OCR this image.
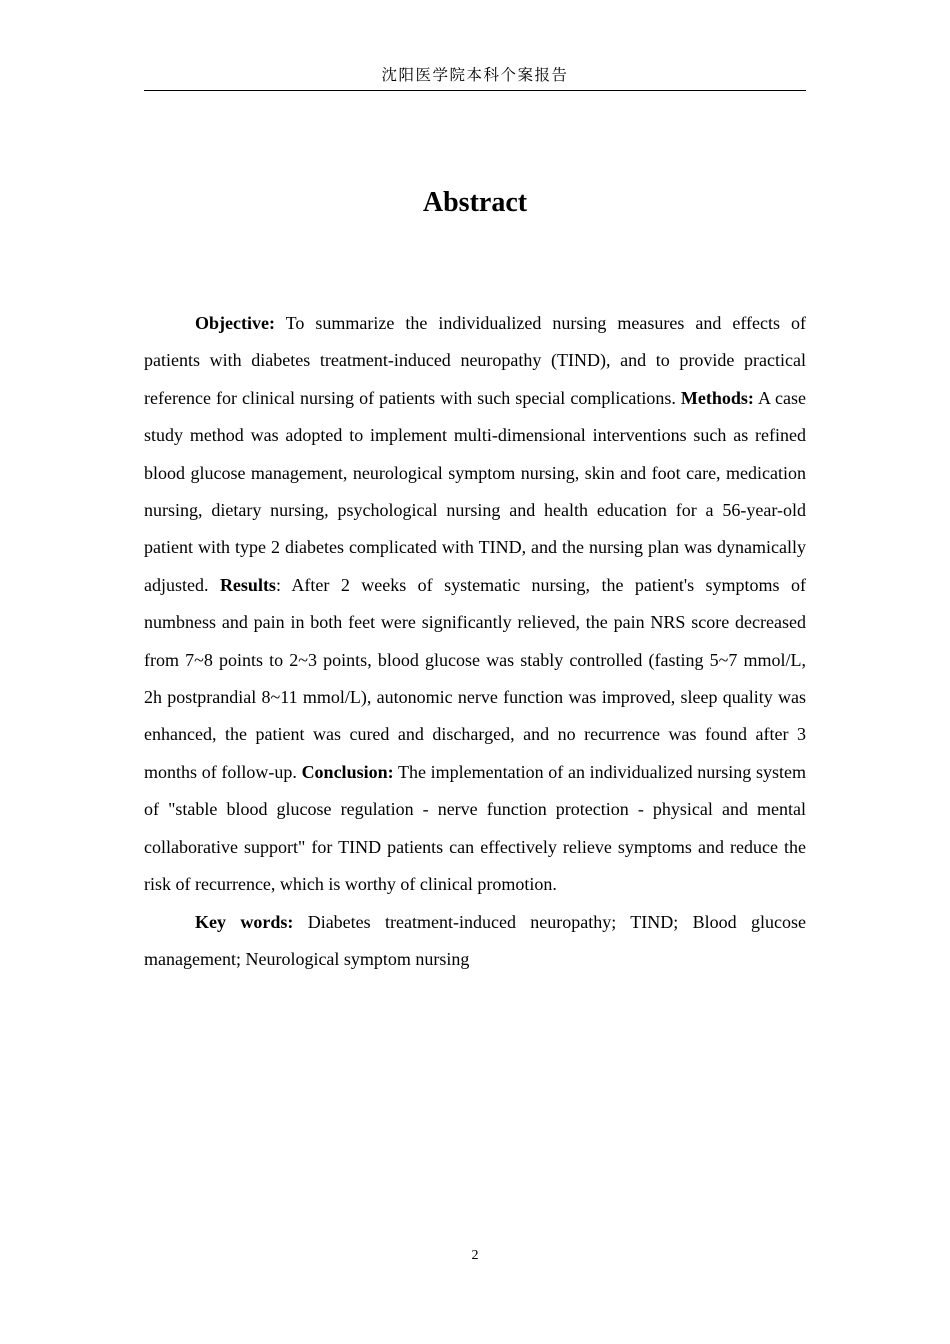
沈阳医学院本科个案报告
Abstract

Objective: To summarize the individualized nursing measures and effects of patients with diabetes treatment-induced neuropathy (TIND), and to provide practical reference for clinical nursing of patients with such special complications. Methods: A case study method was adopted to implement multi-dimensional interventions such as refined blood glucose management, neurological symptom nursing, skin and foot care, medication nursing, dietary nursing, psychological nursing and health education for a 56-year-old patient with type 2 diabetes complicated with TIND, and the nursing plan was dynamically adjusted. Results: After 2 weeks of systematic nursing, the patient's symptoms of numbness and pain in both feet were significantly relieved, the pain NRS score decreased from 7~8 points to 2~3 points, blood glucose was stably controlled (fasting 5~7 mmol/L, 2h postprandial 8~11 mmol/L), autonomic nerve function was improved, sleep quality was enhanced, the patient was cured and discharged, and no recurrence was found after 3 months of follow-up. Conclusion: The implementation of an individualized nursing system of "stable blood glucose regulation - nerve function protection - physical and mental collaborative support" for TIND patients can effectively relieve symptoms and reduce the risk of recurrence, which is worthy of clinical promotion.

Key words: Diabetes treatment-induced neuropathy; TIND; Blood glucose management; Neurological symptom nursing

2
